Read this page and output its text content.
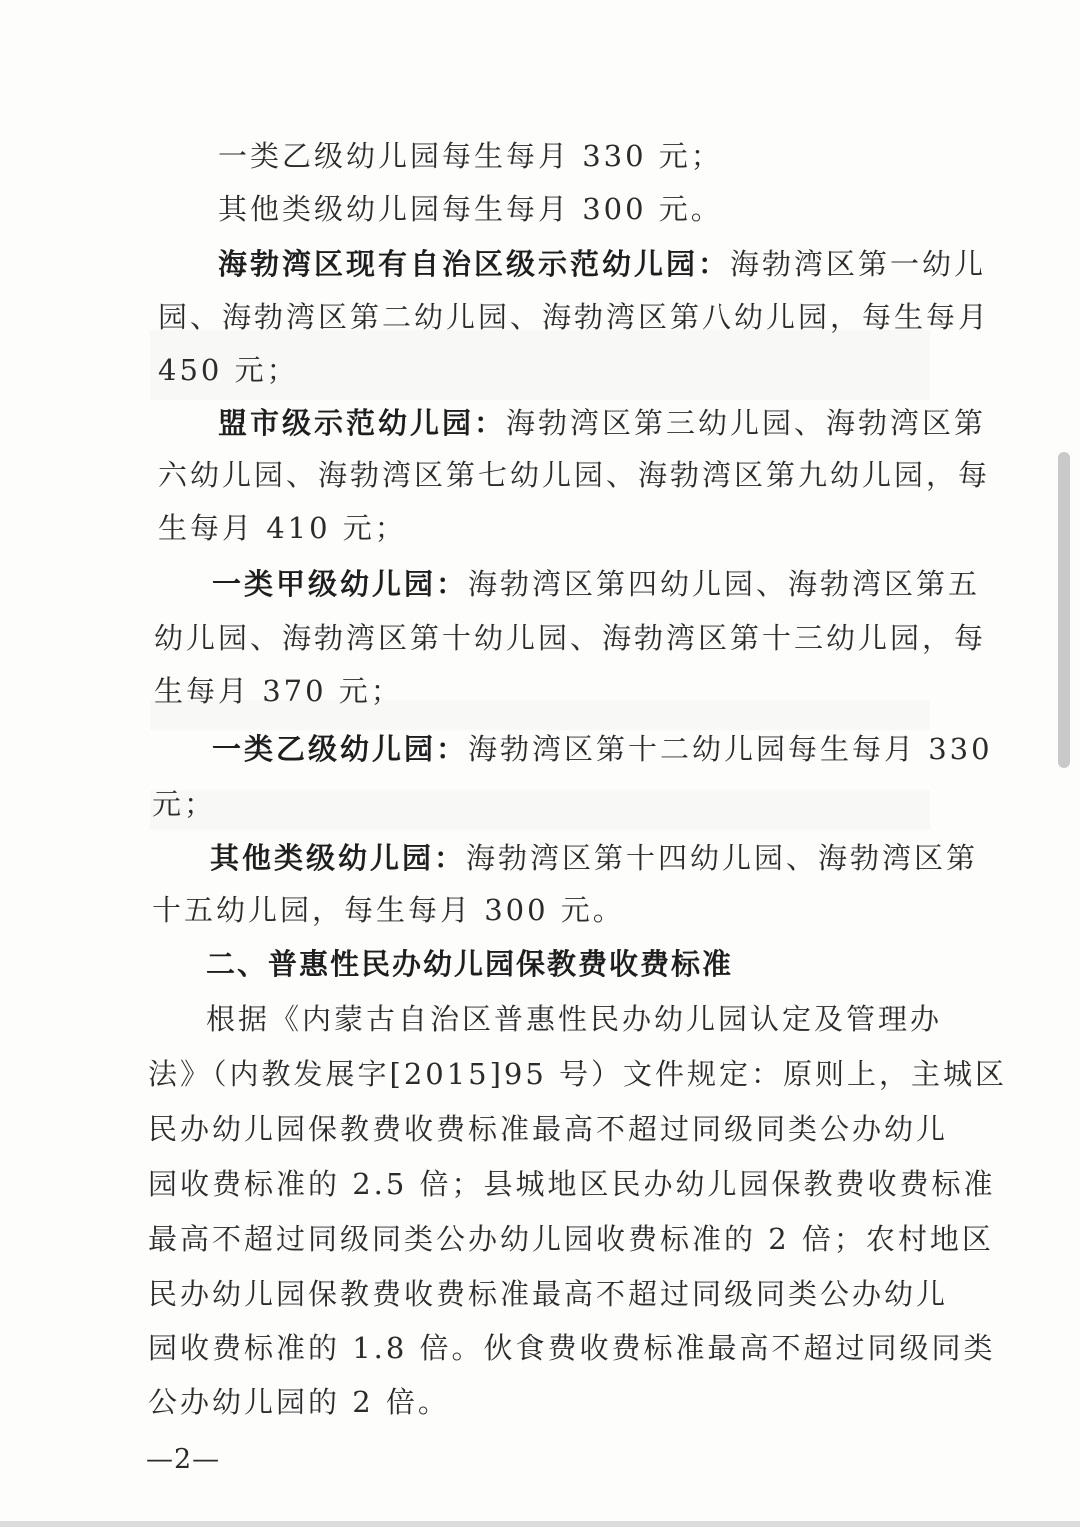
一类乙级幼儿园每生每月 330 元；

其他类级幼儿园每生每月 300 元。

海勃湾区现有自治区级示范幼儿园：海勃湾区第一幼儿

园、海勃湾区第二幼儿园、海勃湾区第八幼儿园，每生每月

450 元；

盟市级示范幼儿园：海勃湾区第三幼儿园、海勃湾区第

六幼儿园、海勃湾区第七幼儿园、海勃湾区第九幼儿园，每

生每月 410 元；

一类甲级幼儿园：海勃湾区第四幼儿园、海勃湾区第五

幼儿园、海勃湾区第十幼儿园、海勃湾区第十三幼儿园，每

生每月 370 元；

一类乙级幼儿园：海勃湾区第十二幼儿园每生每月 330

元；

其他类级幼儿园：海勃湾区第十四幼儿园、海勃湾区第

十五幼儿园，每生每月 300 元。

二、普惠性民办幼儿园保教费收费标准

根据《内蒙古自治区普惠性民办幼儿园认定及管理办

法》（内教发展字[2015]95 号）文件规定：原则上，主城区

民办幼儿园保教费收费标准最高不超过同级同类公办幼儿

园收费标准的 2.5 倍；县城地区民办幼儿园保教费收费标准

最高不超过同级同类公办幼儿园收费标准的 2 倍；农村地区

民办幼儿园保教费收费标准最高不超过同级同类公办幼儿

园收费标准的 1.8 倍。伙食费收费标准最高不超过同级同类

公办幼儿园的 2 倍。

—2—
